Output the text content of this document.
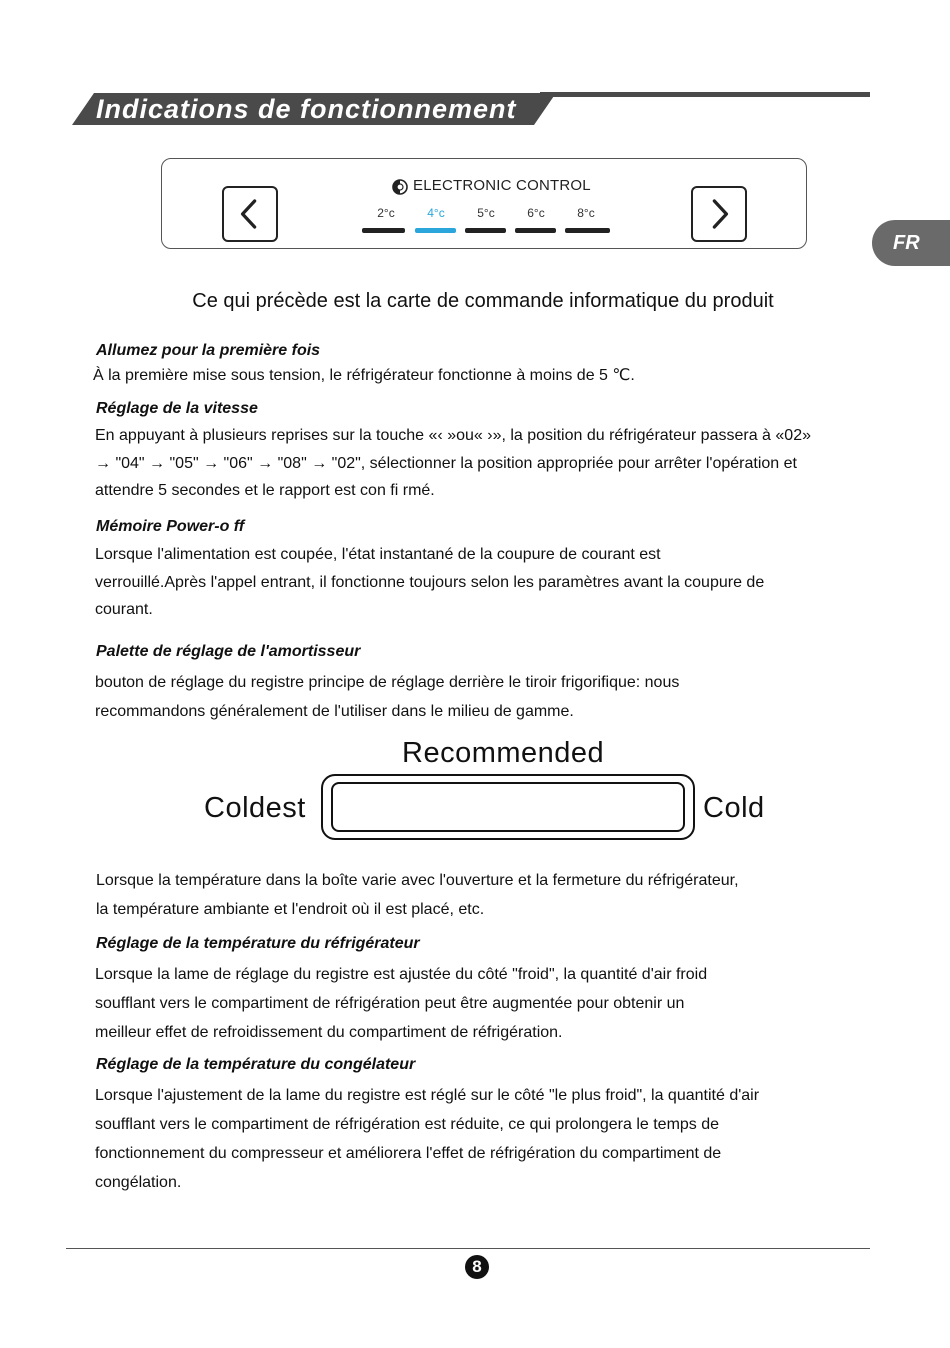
Indications de fonctionnement
FR
ELECTRONIC CONTROL
2°c	4°c	5°c	6°c	8°c
Ce qui précède est la carte de commande informatique du produit
Allumez pour la première fois

À la première mise sous tension, le réfrigérateur fonctionne à moins de 5 ℃.

Réglage de la vitesse

En appuyant à plusieurs reprises sur la touche «‹ »ou« ›», la position du réfrigérateur passera à «02»

→ "04" → "05" → "06" → "08" → "02", sélectionner la position appropriée pour arrêter l'opération et

attendre 5 secondes et le rapport est con fi rmé.

Mémoire Power-o ff

Lorsque l'alimentation est coupée, l'état instantané de la coupure de courant est

verrouillé.Après l'appel entrant, il fonctionne toujours selon les paramètres avant la coupure de

courant.

Palette de réglage de l'amortisseur

bouton de réglage du registre principe de réglage derrière le tiroir frigorifique: nous

recommandons généralement de l'utiliser dans le milieu de gamme.

Recommended
Coldest	Cold

Lorsque la température dans la boîte varie avec l'ouverture et la fermeture du réfrigérateur,

la température ambiante et l'endroit où il est placé, etc.

Réglage de la température du réfrigérateur

Lorsque la lame de réglage du registre est ajustée du côté "froid", la quantité d'air froid

soufflant vers le compartiment de réfrigération peut être augmentée pour obtenir un

meilleur effet de refroidissement du compartiment de réfrigération.

Réglage de la température du congélateur

Lorsque l'ajustement de la lame du registre est réglé sur le côté "le plus froid", la quantité d'air

soufflant vers le compartiment de réfrigération est réduite, ce qui prolongera le temps de

fonctionnement du compresseur et améliorera l'effet de réfrigération du compartiment de

congélation.

8
